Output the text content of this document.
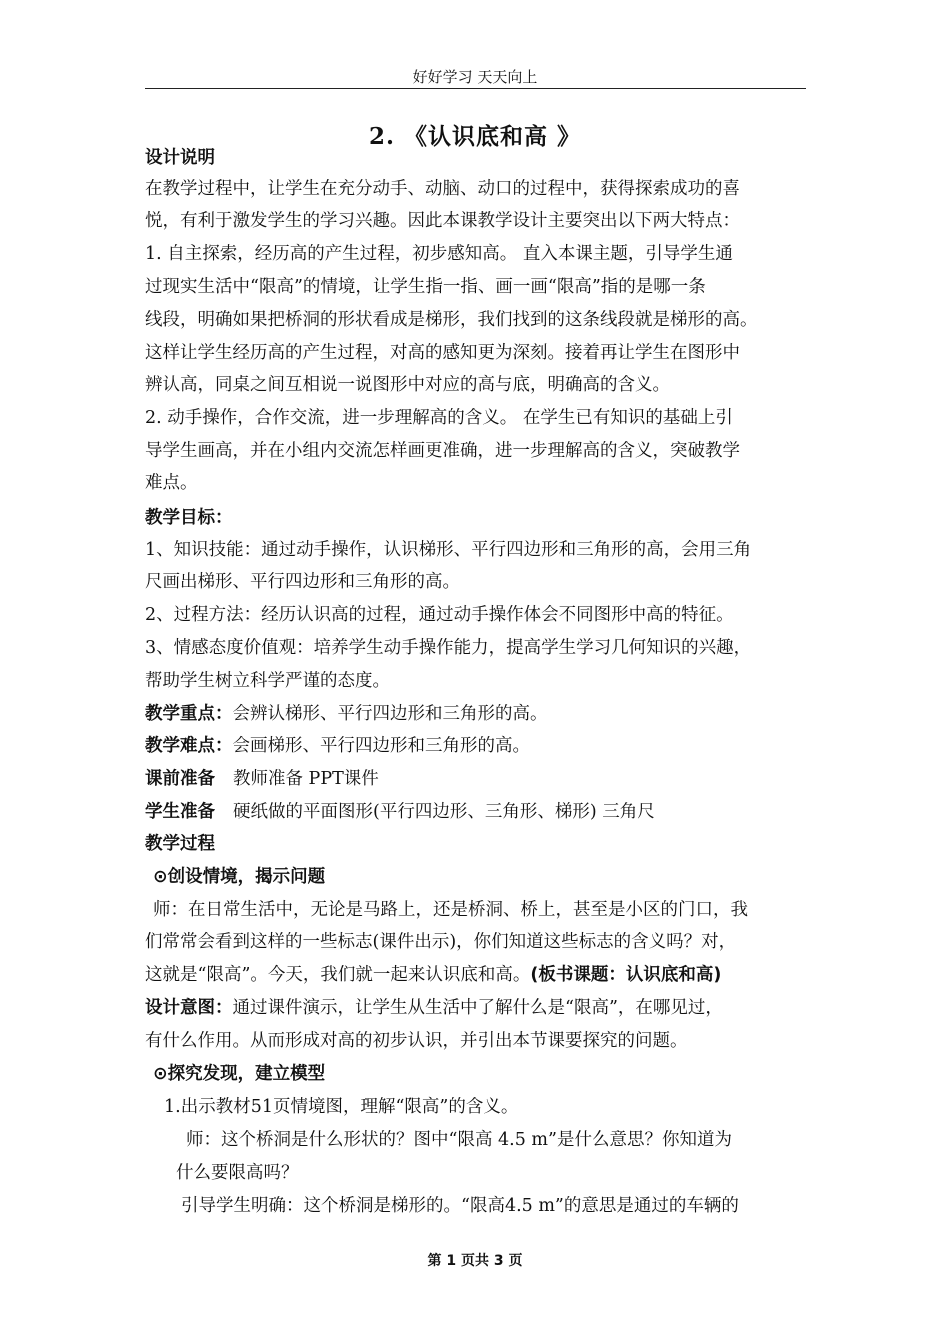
好好学习 天天向上
2. 《认识底和高 》
设计说明
在教学过程中，让学生在充分动手、动脑、动口的过程中，获得探索成功的喜
悦，有利于激发学生的学习兴趣。因此本课教学设计主要突出以下两大特点：
1. 自主探索，经历高的产生过程，初步感知高。 直入本课主题，引导学生通
过现实生活中“限高”的情境，让学生指一指、画一画“限高”指的是哪一条
线段，明确如果把桥洞的形状看成是梯形，我们找到的这条线段就是梯形的高。
这样让学生经历高的产生过程，对高的感知更为深刻。接着再让学生在图形中
辨认高，同桌之间互相说一说图形中对应的高与底，明确高的含义。
2. 动手操作，合作交流，进一步理解高的含义。 在学生已有知识的基础上引
导学生画高，并在小组内交流怎样画更准确，进一步理解高的含义，突破教学
难点。
教学目标：
1、知识技能：通过动手操作，认识梯形、平行四边形和三角形的高，会用三角
尺画出梯形、平行四边形和三角形的高。
2、过程方法：经历认识高的过程，通过动手操作体会不同图形中高的特征。
3、情感态度价值观：培养学生动手操作能力，提高学生学习几何知识的兴趣，
帮助学生树立科学严谨的态度。
教学重点：会辨认梯形、平行四边形和三角形的高。
教学难点：会画梯形、平行四边形和三角形的高。
课前准备 教师准备 PPT课件
学生准备 硬纸做的平面图形(平行四边形、三角形、梯形) 三角尺
教学过程
⊙创设情境，揭示问题
师：在日常生活中，无论是马路上，还是桥洞、桥上，甚至是小区的门口，我
们常常会看到这样的一些标志(课件出示)，你们知道这些标志的含义吗？对，
这就是“限高”。今天，我们就一起来认识底和高。(板书课题：认识底和高)
设计意图：通过课件演示，让学生从生活中了解什么是“限高”，在哪见过，
有什么作用。从而形成对高的初步认识，并引出本节课要探究的问题。
⊙探究发现，建立模型
1.出示教材51页情境图，理解“限高”的含义。
师：这个桥洞是什么形状的？图中“限高 4.5 m”是什么意思？你知道为
什么要限高吗？
引导学生明确：这个桥洞是梯形的。“限高4.5 m”的意思是通过的车辆的
第 1 页共 3 页
